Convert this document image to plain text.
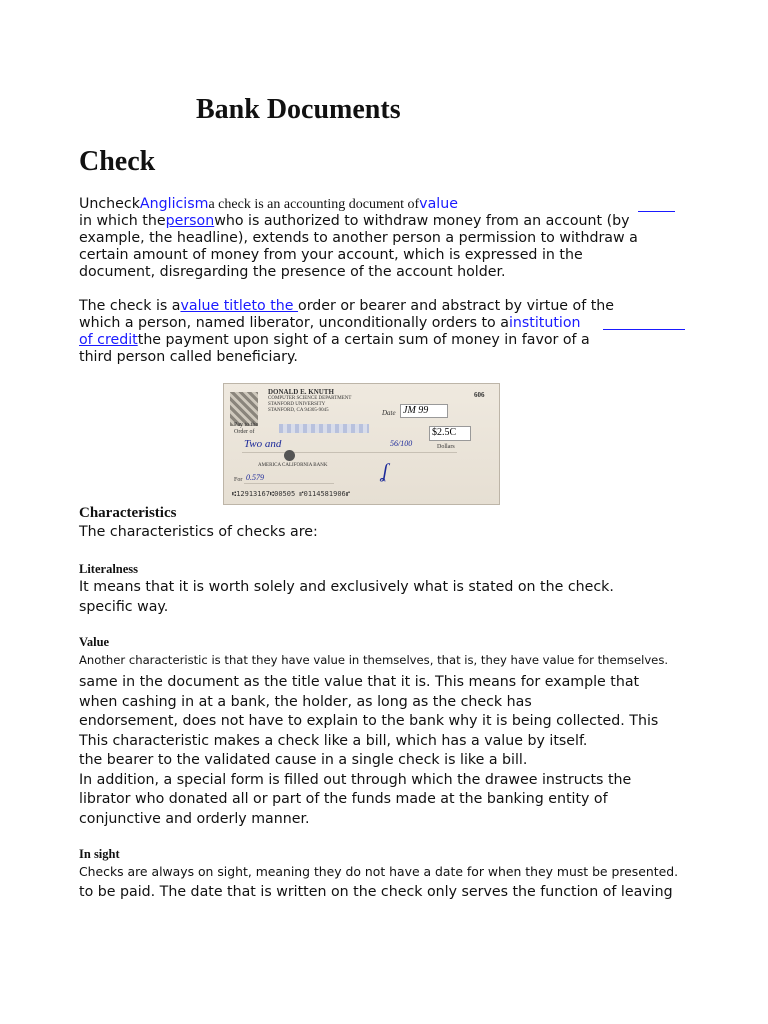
Bank Documents
Check
UncheckAnglicisma check is an accounting document ofvalue
in which thepersonwho is authorized to withdraw money from an account (by
example, the headline), extends to another person a permission to withdraw a
certain amount of money from your account, which is expressed in the
document, disregarding the presence of the account holder.
The check is avalue titleto the order or bearer and abstract by virtue of the
which a person, named liberator, unconditionally orders to ainstitution
of creditthe payment upon sight of a certain sum of money in favor of a
third person called beneficiary.
DONALD E. KNUTH
COMPUTER SCIENCE DEPARTMENT
STANFORD UNIVERSITY
STANFORD, CA 94305-9045
606
Date JM 99
Pay to the Order of	$2.5C
Two and	56/100	Dollars
AMERICA CALIFORNIA BANK
For 0.579	ʆ
⑆12913167⑆00505 ⑈0114581906⑈
Characteristics
The characteristics of checks are:
Literalness
It means that it is worth solely and exclusively what is stated on the check.
specific way.
Value
Another characteristic is that they have value in themselves, that is, they have value for themselves.
same in the document as the title value that it is. This means for example that
when cashing in at a bank, the holder, as long as the check has
endorsement, does not have to explain to the bank why it is being collected. This
This characteristic makes a check like a bill, which has a value by itself.
the bearer to the validated cause in a single check is like a bill.
In addition, a special form is filled out through which the drawee instructs the
librator who donated all or part of the funds made at the banking entity of
conjunctive and orderly manner.
In sight
Checks are always on sight, meaning they do not have a date for when they must be presented.
to be paid. The date that is written on the check only serves the function of leaving
